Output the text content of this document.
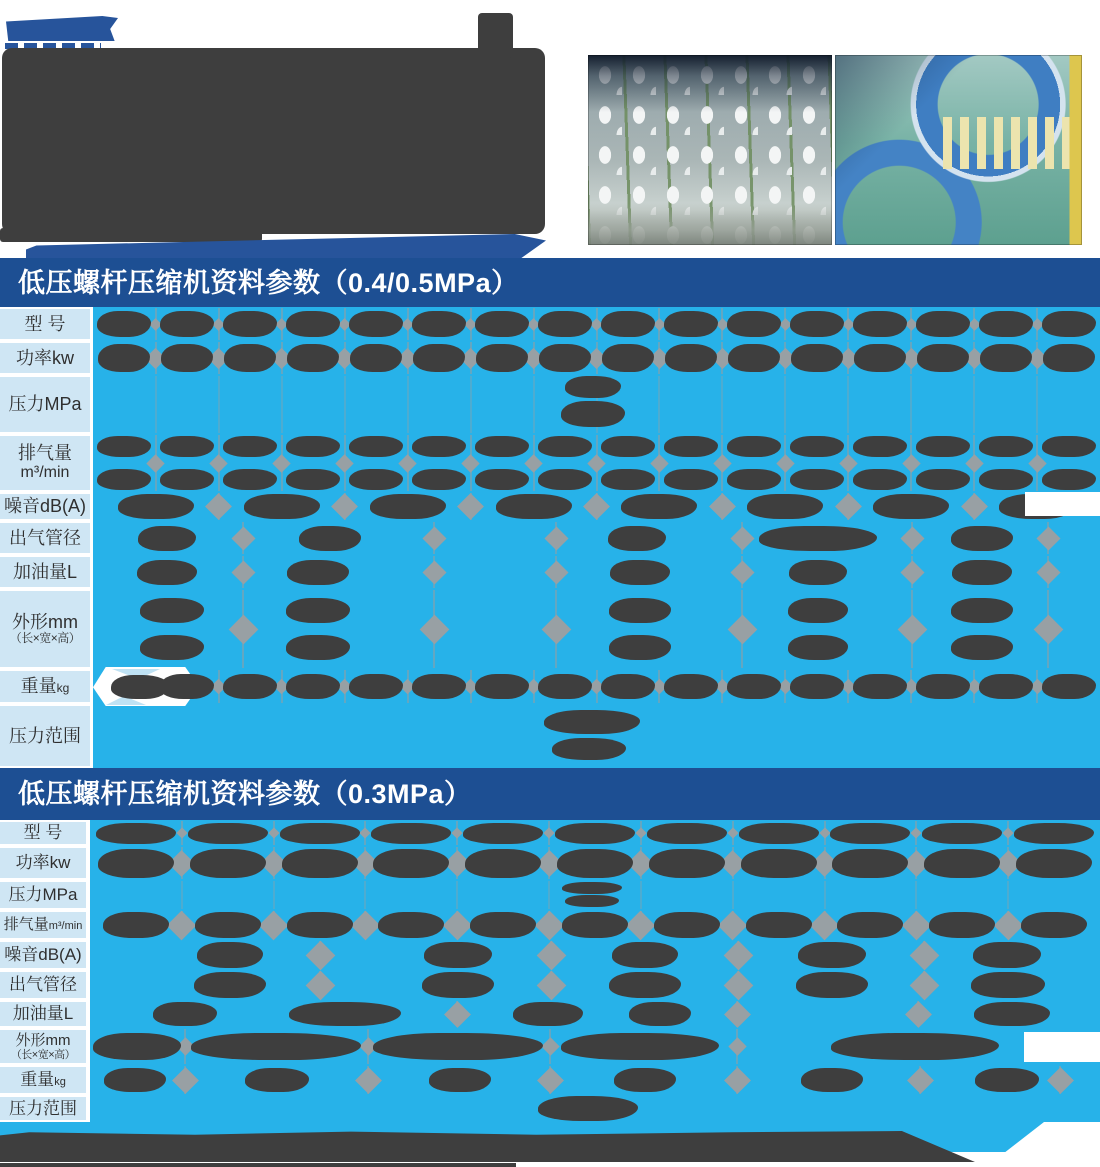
低压螺杆压缩机资料参数（0.4/0.5MPa）
低压螺杆压缩机资料参数（0.3MPa）
型 号
功率kw
压力MPa
排气量
m³/min
噪音dB(A)
出气管径
加油量L
外形mm
（长×宽×高）
重量kg
压力范围
型 号
功率kw
压力MPa
排气量m³/min
噪音dB(A)
出气管径
加油量L
外形mm
（长×宽×高）
重量kg
压力范围
